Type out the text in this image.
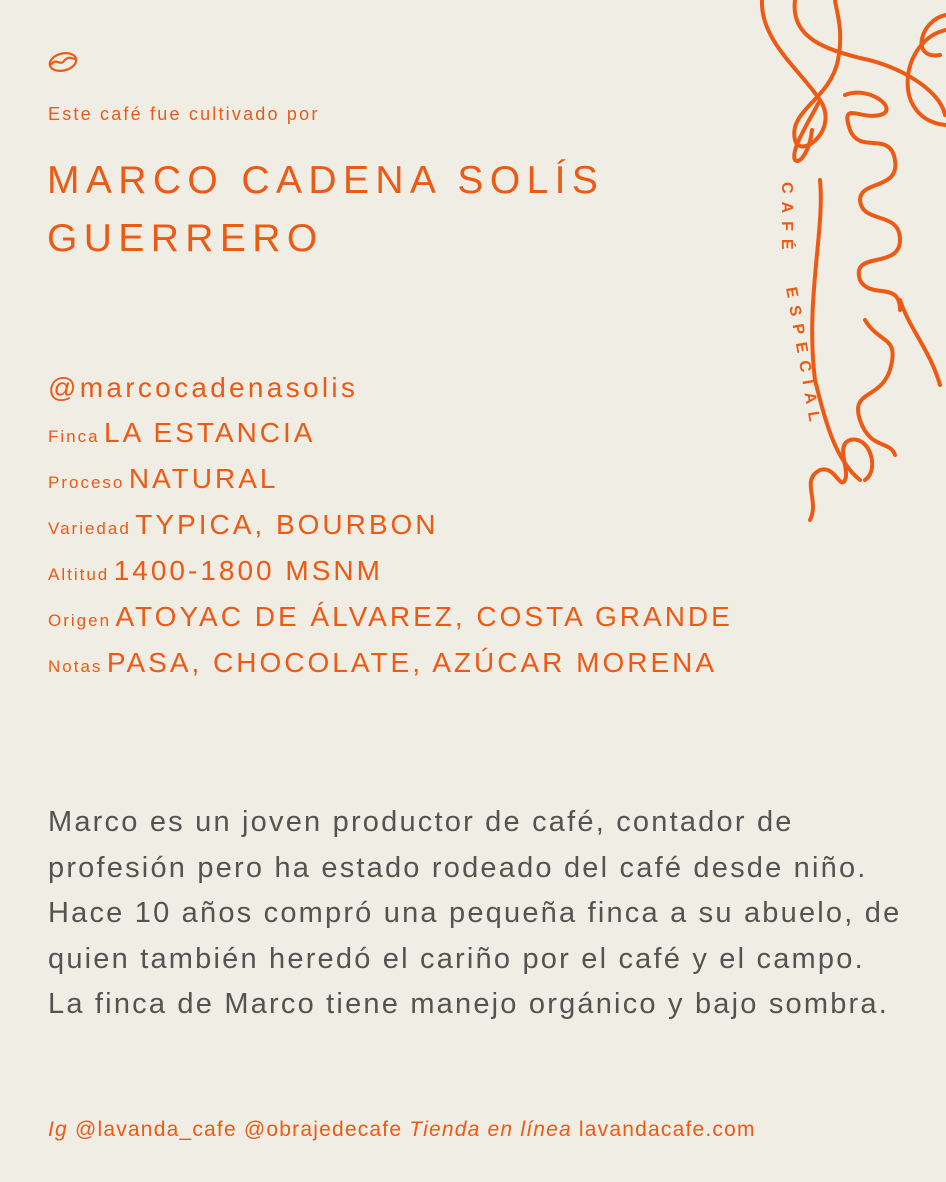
Este café fue cultivado por
MARCO CADENA SOLÍS GUERRERO	CAFÉ
ESPECIAL
@marcocadenasolis
Finca LA ESTANCIA
Proceso NATURAL
Variedad TYPICA, BOURBON
Altitud 1400-1800 MSNM
Origen ATOYAC DE ÁLVAREZ, COSTA GRANDE
Notas PASA, CHOCOLATE, AZÚCAR MORENA

Marco es un joven productor de café, contador de profesión pero ha estado rodeado del café desde niño. Hace 10 años compró una pequeña finca a su abuelo, de quien también heredó el cariño por el café y el campo. La finca de Marco tiene manejo orgánico y bajo sombra.

Ig @lavanda_cafe @obrajedecafe Tienda en línea lavandacafe.com
